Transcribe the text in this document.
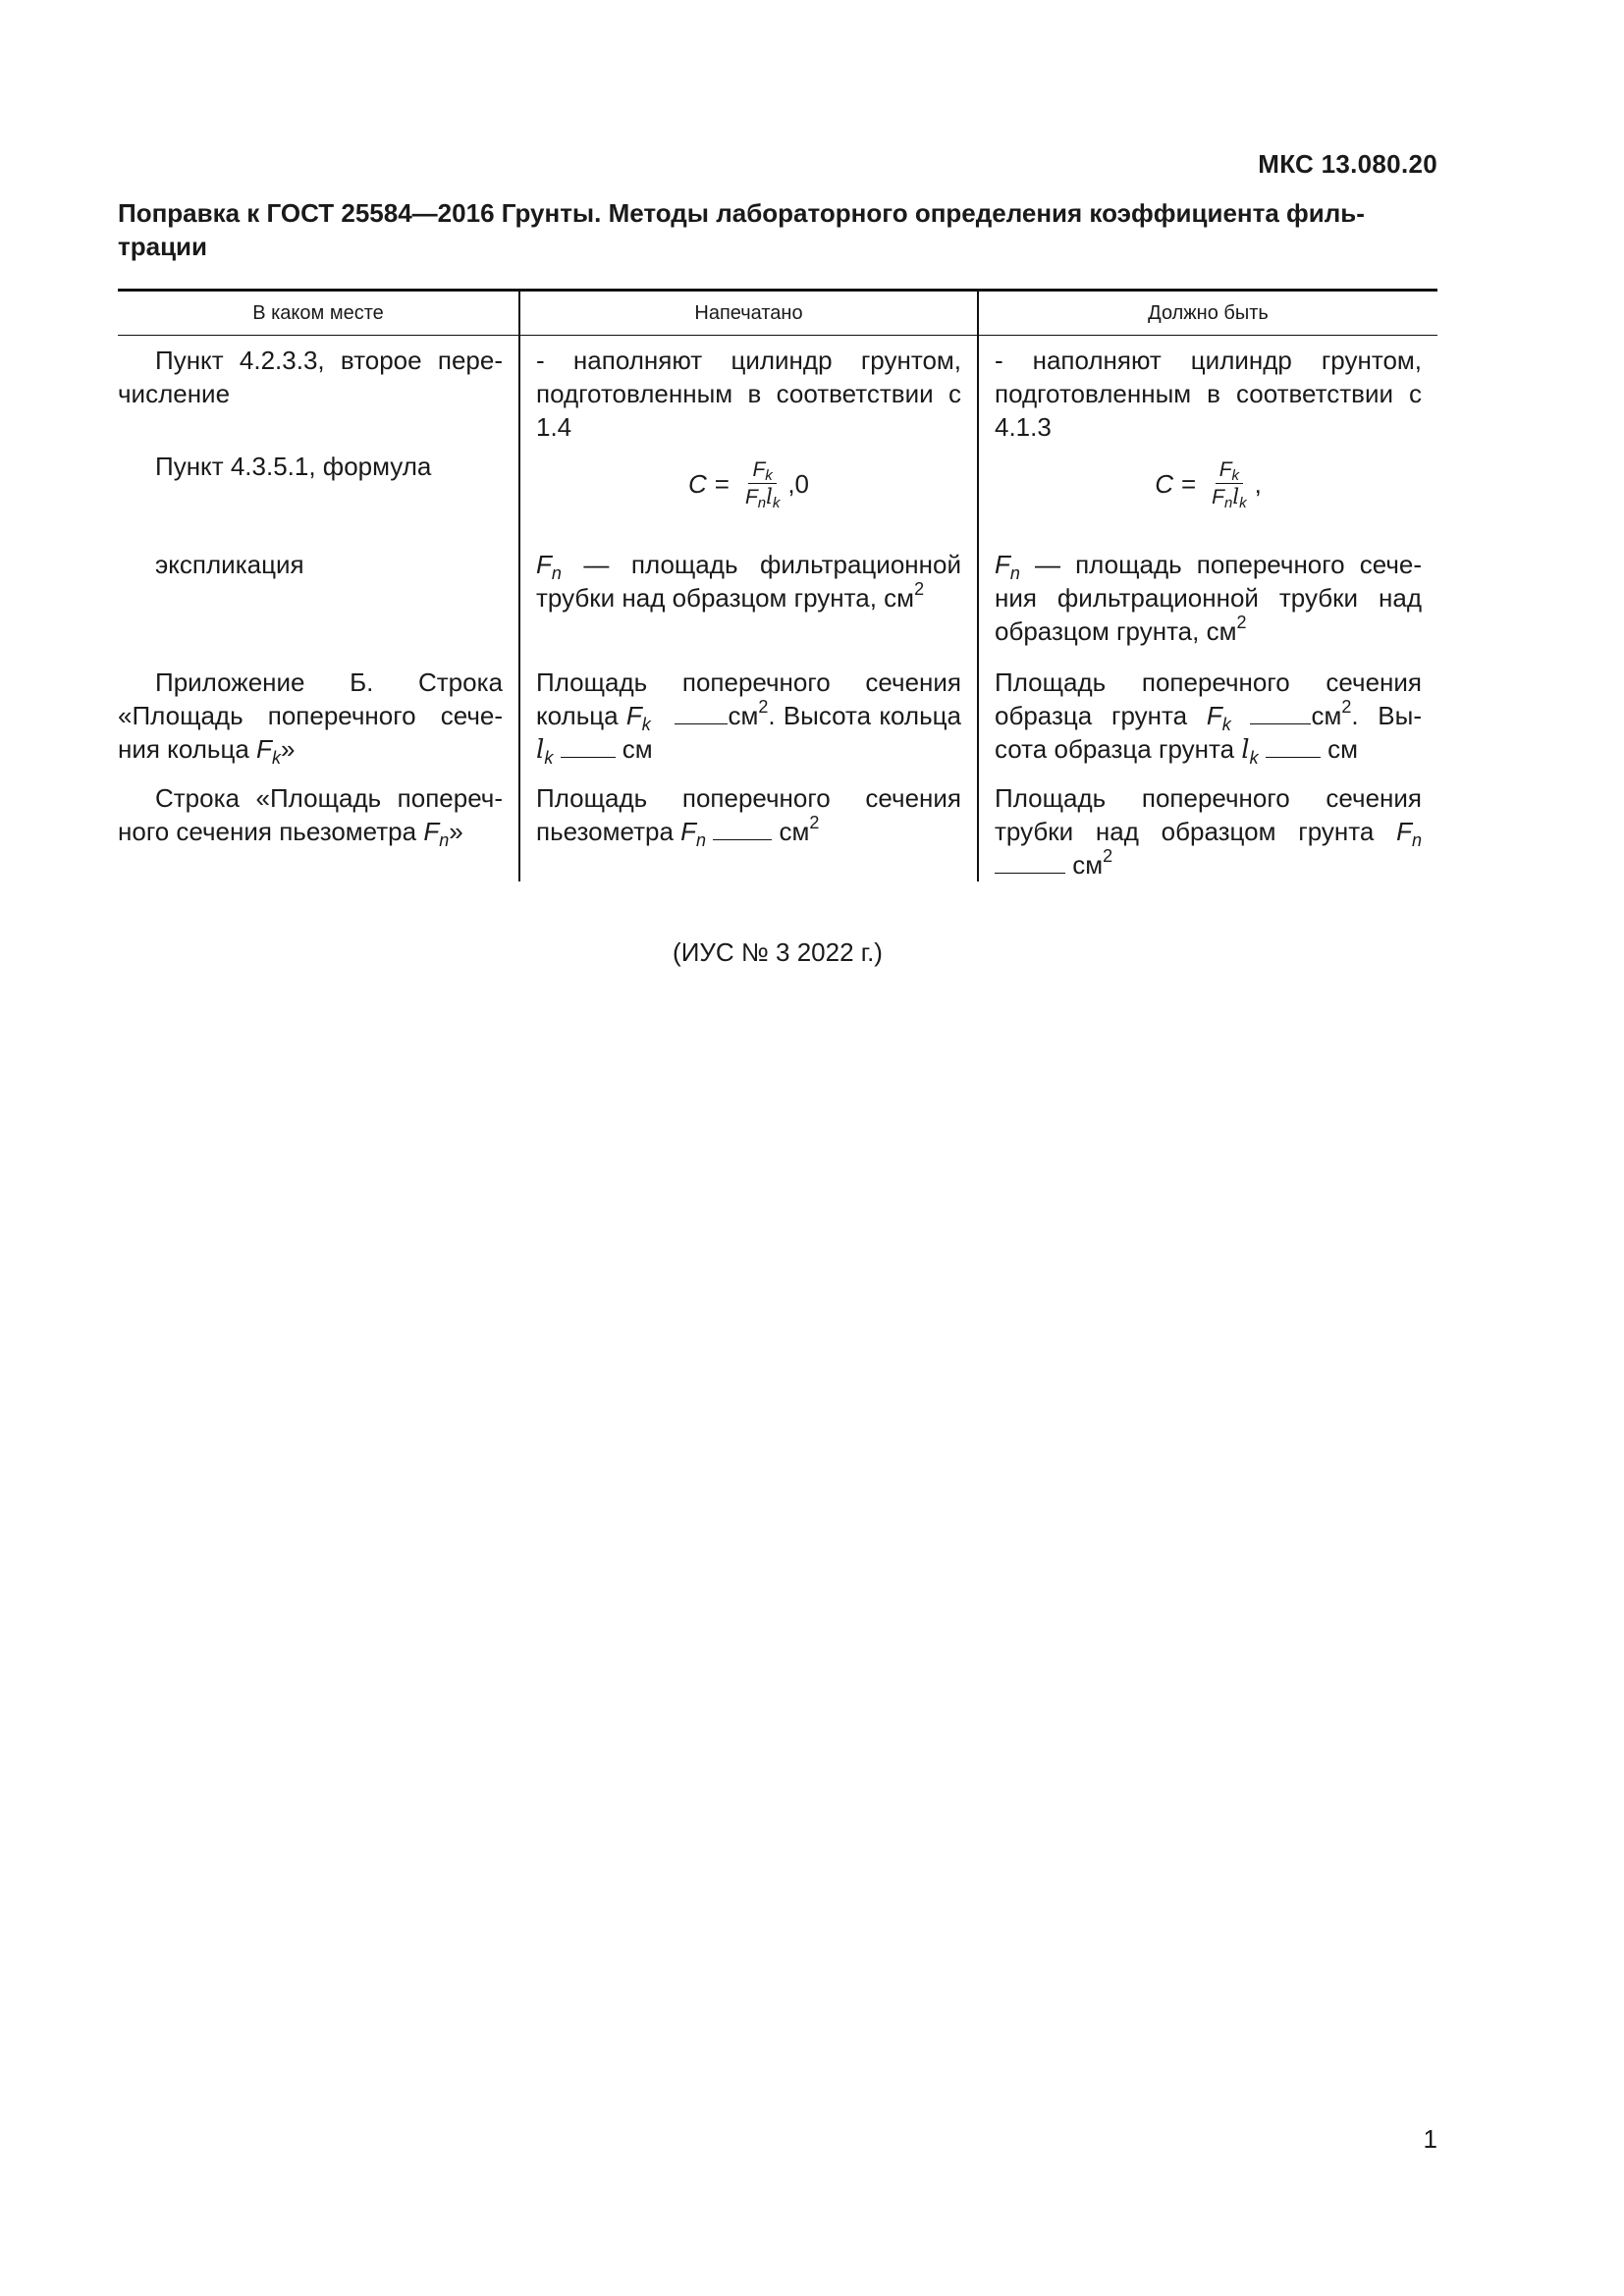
МКС 13.080.20
Поправка к ГОСТ 25584—2016 Грунты. Методы лабораторного определения коэффициента филь-трации
В каком месте	Напечатано	Должно быть
Пункт 4.2.3.3, второе пере-числение	- наполняют цилиндр грунтом, подготовленным в соответствии с 1.4	- наполняют цилиндр грунтом, подготовленным в соответствии с 4.1.3
Пункт 4.3.5.1, формула	$C = \frac{F_k}{F_nl_k} ,0$	$C = \frac{F_k}{F_nl_k}$ ,

экспликация	$F_n$ — площадь фильтрационной трубки над образцом грунта, $см^2$	$F_n$ — площадь поперечного сече-ния фильтрационной трубки над образцом грунта, $см^2$
Приложение Б. Строка «Площадь поперечного сече-ния кольца $F_k$»	Площадь поперечного сечения кольца $F_k$ $см^2$. Высота кольца $l_k$ см	Площадь поперечного сечения образца грунта $F_k$ $см^2$. Вы-сота образца грунта $l_k$ см
Строка «Площадь попереч-ного сечения пьезометра $F_n$»	Площадь поперечного сечения пьезометра $F_n$ $см^2$	Площадь поперечного сечения трубки над образцом грунта $F_n$  $см^2$
(ИУС № 3 2022 г.)
1
